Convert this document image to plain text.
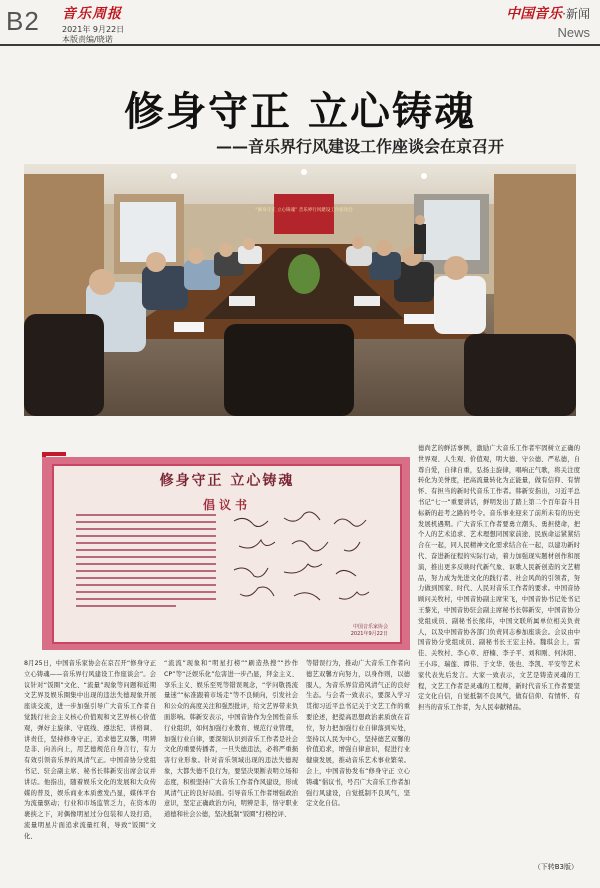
B2 音乐周报
2021年 9月22日
本版责编/晓诺
中国音乐·新闻
News
修身守正 立心铸魂
——音乐界行风建设工作座谈会在京召开
“修身守正 立心铸魂” 音乐界行风建设工作座谈会
修身守正 立心铸魂
倡议书
中国音乐家协会
2021年9月22日
德尚艺的鲜活事例，激励广大音乐工作者牢固树立正确的世界观、人生观、价值观，明大德、守公德、严私德，自尊自爱，自律自重，弘扬主旋律，唱响正气歌，将关注度转化为美誉度，把高流量转化为正能量，做有信仰、有情怀、有担当的新时代音乐工作者。韩新安指出，习近平总书记“七一”重要讲话，鲜明发出了踏上第二个百年奋斗目标新的赶考之路的号令。音乐事业迎来了前所未有的历史发展机遇期。广大音乐工作者要勇立潮头、勇担使命，把个人的艺术追求、艺术理想同国家前途、民族命运紧紧结合在一起，同人民精神文化需求结合在一起，以建功新时代、奋进新征程的实际行动，着力加强现实题材创作和展演，推出更多反映时代新气象、讴歌人民新创造的文艺精品，努力成为先进文化的践行者、社会风尚的引领者，努力做到国家、时代、人民对音乐工作者的要求。中国音协顾问关牧村，中国音协副主席宋飞，中国音协书记处书记王黎光，中国音协驻会副主席秘书长韩新安，中国音协分党组成员、副秘书长熊纬，中国文联所属单位相关负责人，以及中国音协各部门负责同志参加座谈会。会议由中国音协分党组成员、副秘书长王宏主持。魏琪会上，雷佳、关牧村、李心草、舒楠、李子平、刘和刚、何沐阳、王小玮、瑞莲、谭伟、于文华、张也、李凯、平安等艺术家代表先后发言。大家一致表示，文艺是铸造灵魂的工程，文艺工作者是灵魂的工程师，新时代音乐工作者要坚定文化自信，自觉抵制不良风气，做有信仰、有情怀、有担当的音乐工作者，为人民奉献精品。
8月25日，中国音乐家协会在京召开“修身守正 立心铸魂——音乐界行风建设工作座谈会”。会议针对“饭圈”文化、“流量”现象等问题和近期文艺界及娱乐圈集中出现的违法失德现象开展座谈交流，进一步加强引导广大音乐工作者自觉践行社会主义核心价值观和文艺界核心价值观，弹好主旋律、守底线、遵法纪、讲格调、讲责任，坚持修身守正，追求德艺双馨，明辨是非、向善向上，用艺德规范自身言行，有力有效引领音乐界的风清气正。中国音协分党组书记、驻会副主席、秘书长韩新安出席会议并讲话。他指出，随着娱乐文化的发展和大众传媒的普及，娱乐商业本质愈发凸显，媒体平台为流量驱动；行业和市场监管乏力，在资本的裹挟之下，对偶像明星过分包装和人设打造，流量明星片面追求流量红利，导致“饭圈”文化、
“流流”现象和“明星打榜”“刷造热搜”“抄作CP”等“泛娱乐化”危害进一步凸显，拜金主义、享乐主义、娱乐至死等错误观念，“学问敬畏流量迷”“标准跟着市场走”等不良倾向，引发社会和公众的高度关注和强烈批评，给文艺界带来负面影响。韩新安表示，中国音协作为全国性音乐行业组织，如何加强行业教育、规范行业管理，加强行业自律，要深刻认识到音乐工作者是社会文化的重要传播者，一旦失德违法，必将严重损害行业形象。针对音乐领域出现的违法失德现象，大都失德不良行为，要坚决果断表明立场和态度，积极坚持广大音乐工作者作风建设，形成风清气正的良好局面。引导音乐工作者增强政治意识，坚定正确政治方向，明辨是非，恪守职业道德和社会公德，坚决抵制“饭圈”打榜控评、
等错误行为，推动广大音乐工作者向德艺双馨方向努力，以身作则，以德服人，为音乐界营造风清气正的良好生态。与会者一致表示，要深入学习贯彻习近平总书记关于文艺工作的重要论述，把提高思想政治素质放在首位，努力把加强行业自律落到实处，坚持以人民为中心，坚持德艺双馨的价值追求，增强自律意识，促进行业健康发展，推动音乐艺术事业繁荣。会上，中国音协发布“修身守正 立心铸魂”倡议书，号召广大音乐工作者加强行风建设，自觉抵制不良风气，坚定文化自信。
（下转B3版）
